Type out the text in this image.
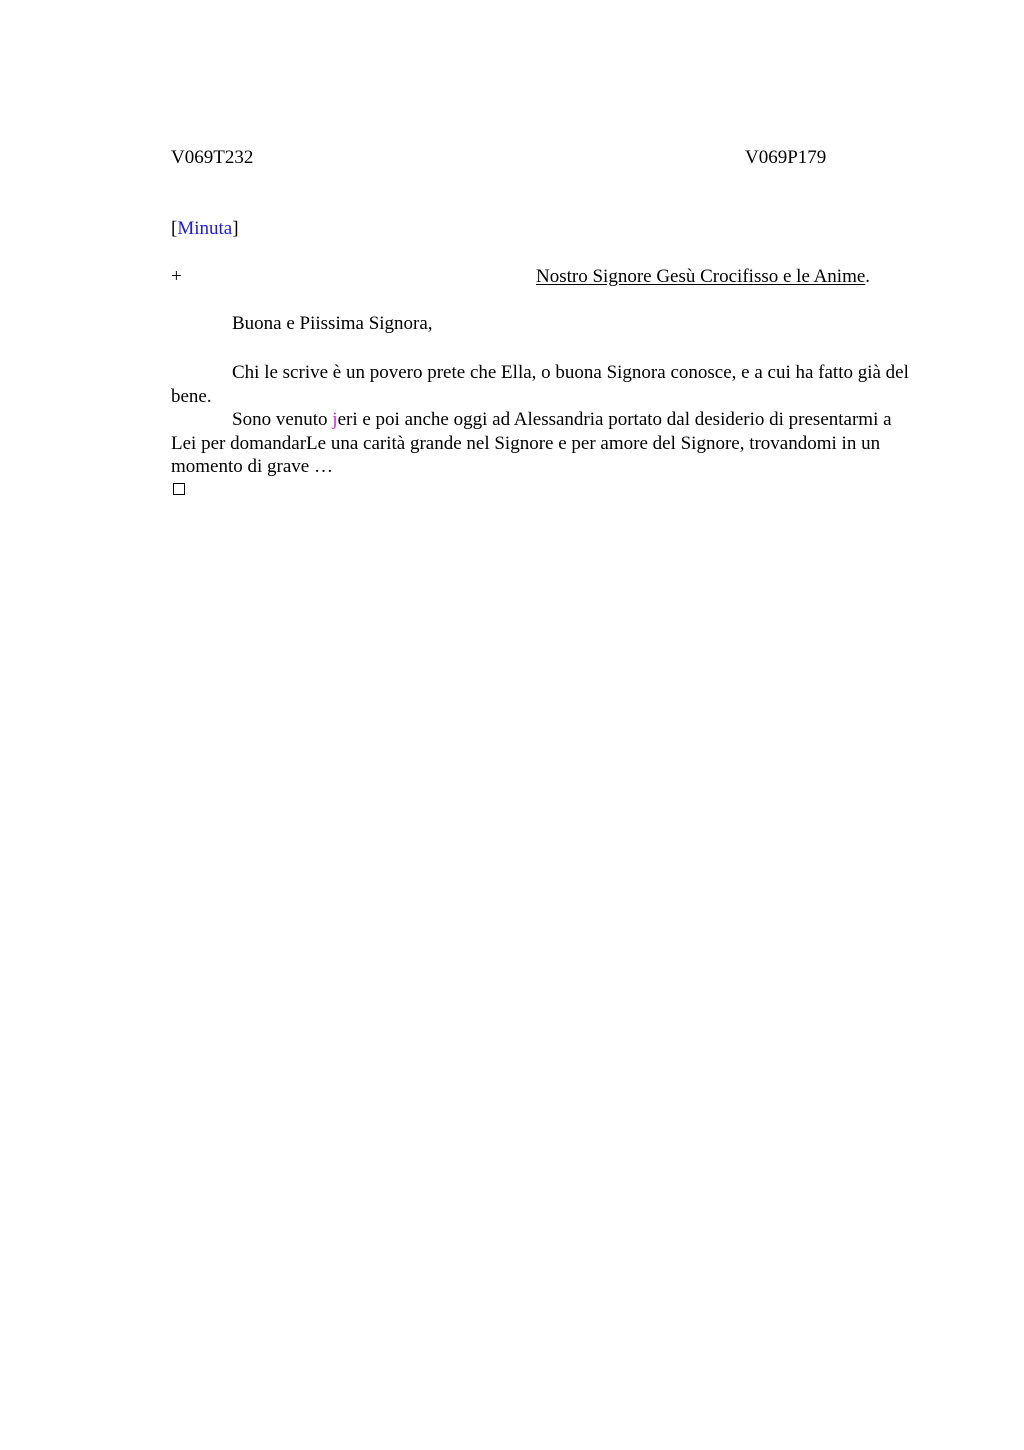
V069T232	V069P179
[Minuta]
+	Nostro Signore Gesù Crocifisso e le Anime.
Buona e Piissima Signora,

Chi le scrive è un povero prete che Ella, o buona Signora conosce, e a cui ha fatto già del bene.

Sono venuto jeri e poi anche oggi ad Alessandria portato dal desiderio di presentarmi a Lei per domandarLe una carità grande nel Signore e per amore del Signore, trovandomi in un momento di grave …
